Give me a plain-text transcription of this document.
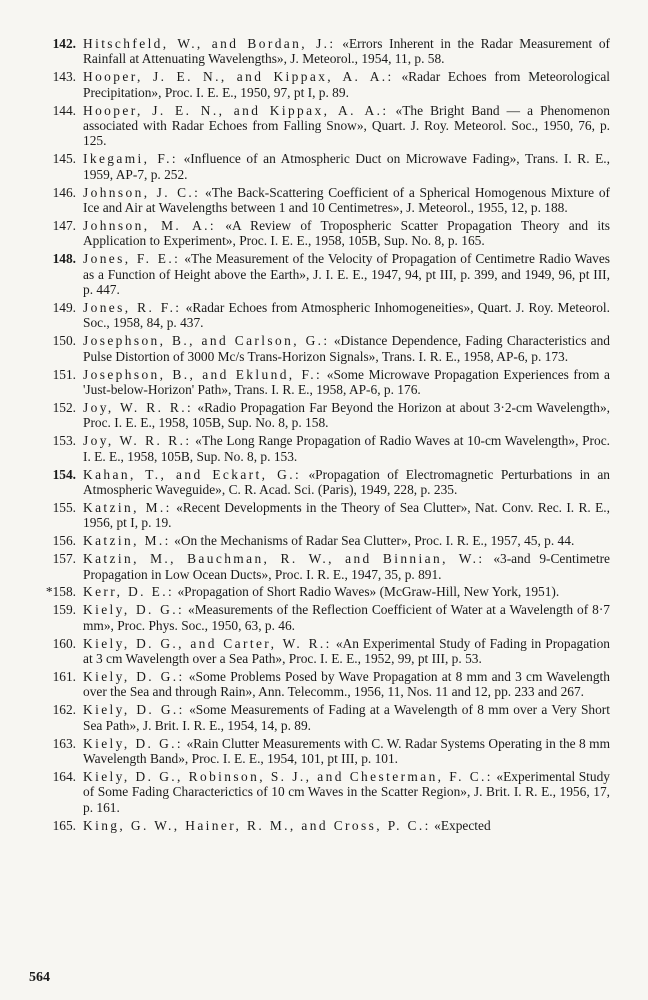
142. Hitschfeld, W., and Bordan, J.: «Errors Inherent in the Radar Measurement of Rainfall at Attenuating Wavelengths», J. Meteorol., 1954, 11, p. 58.
143. Hooper, J. E. N., and Kippax, A. A.: «Radar Echoes from Meteorological Precipitation», Proc. I. E. E., 1950, 97, pt I, p. 89.
144. Hooper, J. E. N., and Kippax, A. A.: «The Bright Band — a Phenomenon associated with Radar Echoes from Falling Snow», Quart. J. Roy. Meteorol. Soc., 1950, 76, p. 125.
145. Ikegami, F.: «Influence of an Atmospheric Duct on Microwave Fading», Trans. I. R. E., 1959, AP-7, p. 252.
146. Johnson, J. C.: «The Back-Scattering Coefficient of a Spherical Homogenous Mixture of Ice and Air at Wavelengths between 1 and 10 Centimetres», J. Meteorol., 1955, 12, p. 188.
147. Johnson, M. A.: «A Review of Tropospheric Scatter Propagation Theory and its Application to Experiment», Proc. I. E. E., 1958, 105B, Sup. No. 8, p. 165.
148. Jones, F. E.: «The Measurement of the Velocity of Propagation of Centimetre Radio Waves as a Function of Height above the Earth», J. I. E. E., 1947, 94, pt III, p. 399, and 1949, 96, pt III, p. 447.
149. Jones, R. F.: «Radar Echoes from Atmospheric Inhomogeneities», Quart. J. Roy. Meteorol. Soc., 1958, 84, p. 437.
150. Josephson, B., and Carlson, G.: «Distance Dependence, Fading Characteristics and Pulse Distortion of 3000 Mc/s Trans-Horizon Signals», Trans. I. R. E., 1958, AP-6, p. 173.
151. Josephson, B., and Eklund, F.: «Some Microwave Propagation Experiences from a 'Just-below-Horizon' Path», Trans. I. R. E., 1958, AP-6, p. 176.
152. Joy, W. R. R.: «Radio Propagation Far Beyond the Horizon at about 3·2-cm Wavelength», Proc. I. E. E., 1958, 105B, Sup. No. 8, p. 158.
153. Joy, W. R. R.: «The Long Range Propagation of Radio Waves at 10-cm Wavelength», Proc. I. E. E., 1958, 105B, Sup. No. 8, p. 153.
154. Kahan, T., and Eckart, G.: «Propagation of Electromagnetic Perturbations in an Atmospheric Waveguide», C. R. Acad. Sci. (Paris), 1949, 228, p. 235.
155. Katzin, M.: «Recent Developments in the Theory of Sea Clutter», Nat. Conv. Rec. I. R. E., 1956, pt I, p. 19.
156. Katzin, M.: «On the Mechanisms of Radar Sea Clutter», Proc. I. R. E., 1957, 45, p. 44.
157. Katzin, M., Bauchman, R. W., and Binnian, W.: «3-and 9-Centimetre Propagation in Low Ocean Ducts», Proc. I. R. E., 1947, 35, p. 891.
*158. Kerr, D. E.: «Propagation of Short Radio Waves» (McGraw-Hill, New York, 1951).
159. Kiely, D. G.: «Measurements of the Reflection Coefficient of Water at a Wavelength of 8·7 mm», Proc. Phys. Soc., 1950, 63, p. 46.
160. Kiely, D. G., and Carter, W. R.: «An Experimental Study of Fading in Propagation at 3 cm Wavelength over a Sea Path», Proc. I. E. E., 1952, 99, pt III, p. 53.
161. Kiely, D. G.: «Some Problems Posed by Wave Propagation at 8 mm and 3 cm Wavelength over the Sea and through Rain», Ann. Telecomm., 1956, 11, Nos. 11 and 12, pp. 233 and 267.
162. Kiely, D. G.: «Some Measurements of Fading at a Wavelength of 8 mm over a Very Short Sea Path», J. Brit. I. R. E., 1954, 14, p. 89.
163. Kiely, D. G.: «Rain Clutter Measurements with C. W. Radar Systems Operating in the 8 mm Wavelength Band», Proc. I. E. E., 1954, 101, pt III, p. 101.
164. Kiely, D. G., Robinson, S. J., and Chesterman, F. C.: «Experimental Study of Some Fading Characterictics of 10 cm Waves in the Scatter Region», J. Brit. I. R. E., 1956, 17, p. 161.
165. King, G. W., Hainer, R. M., and Cross, P. C.: «Expected
564
